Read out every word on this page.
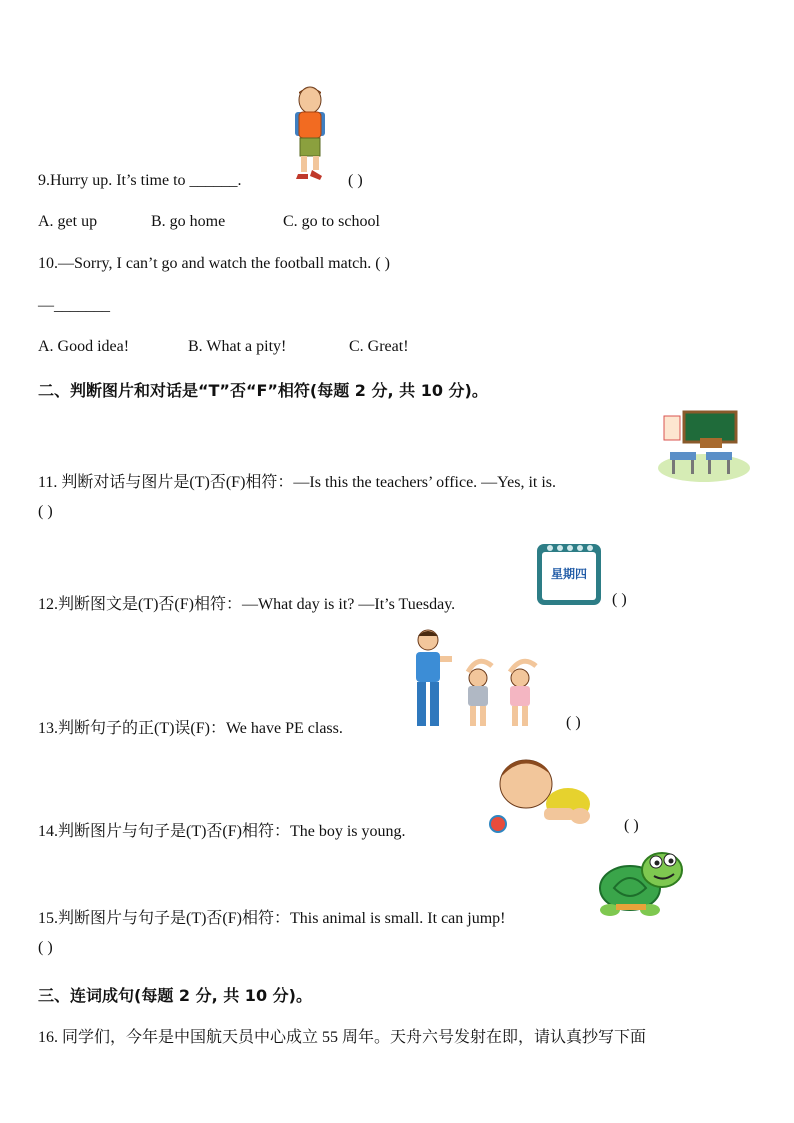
9.Hurry up. It’s time to ______.	( )
A. get up	B. go home	C. go to school
10.—Sorry, I can’t go and watch the football match. ( )
—_______
A. Good idea!	B. What a pity!	C. Great!
二、判断图片和对话是“T”否“F”相符(每题 2 分, 共 10 分)。
11. 判断对话与图片是(T)否(F)相符：—Is this the teachers’ office. —Yes, it is.
( )
星期四
12.判断图文是(T)否(F)相符：—What day is it? —It’s Tuesday.	( )
13.判断句子的正(T)误(F)：We have PE class.	( )
14.判断图片与句子是(T)否(F)相符：The boy is young.	( )
15.判断图片与句子是(T)否(F)相符：This animal is small. It can jump!
( )
三、连词成句(每题 2 分, 共 10 分)。
16. 同学们，今年是中国航天员中心成立 55 周年。天舟六号发射在即，请认真抄写下面
